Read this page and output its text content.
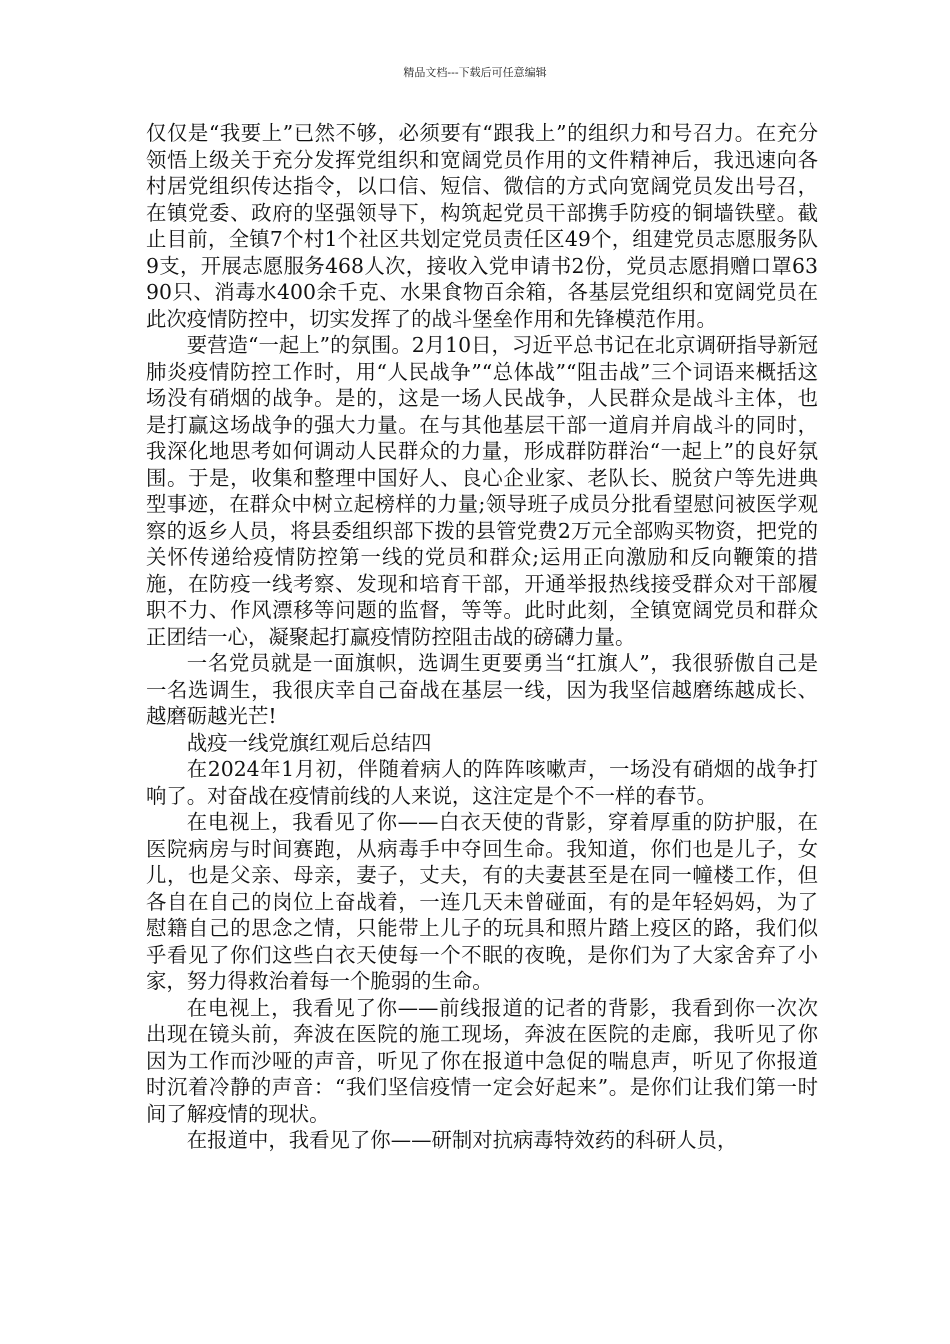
精品文档---下载后可任意编辑

仅仅是“我要上”已然不够，必须要有“跟我上”的组织力和号召力。在充分领悟上级关于充分发挥党组织和宽阔党员作用的文件精神后，我迅速向各村居党组织传达指令，以口信、短信、微信的方式向宽阔党员发出号召，在镇党委、政府的坚强领导下，构筑起党员干部携手防疫的铜墙铁壁。截止目前，全镇7个村1个社区共划定党员责任区49个，组建党员志愿服务队9支，开展志愿服务468人次，接收入党申请书2份，党员志愿捐赠口罩6390只、消毒水400余千克、水果食物百余箱，各基层党组织和宽阔党员在此次疫情防控中，切实发挥了的战斗堡垒作用和先锋模范作用。

要营造“一起上”的氛围。2月10日，习近平总书记在北京调研指导新冠肺炎疫情防控工作时，用“人民战争”“总体战”“阻击战”三个词语来概括这场没有硝烟的战争。是的，这是一场人民战争，人民群众是战斗主体，也是打赢这场战争的强大力量。在与其他基层干部一道肩并肩战斗的同时，我深化地思考如何调动人民群众的力量，形成群防群治“一起上”的良好氛围。于是，收集和整理中国好人、良心企业家、老队长、脱贫户等先进典型事迹，在群众中树立起榜样的力量;领导班子成员分批看望慰问被医学观察的返乡人员，将县委组织部下拨的县管党费2万元全部购买物资，把党的关怀传递给疫情防控第一线的党员和群众;运用正向激励和反向鞭策的措施，在防疫一线考察、发现和培育干部，开通举报热线接受群众对干部履职不力、作风漂移等问题的监督，等等。此时此刻，全镇宽阔党员和群众正团结一心，凝聚起打赢疫情防控阻击战的磅礴力量。

一名党员就是一面旗帜，选调生更要勇当“扛旗人”，我很骄傲自己是一名选调生，我很庆幸自己奋战在基层一线，因为我坚信越磨练越成长、越磨砺越光芒!

战疫一线党旗红观后总结四

在2024年1月初，伴随着病人的阵阵咳嗽声，一场没有硝烟的战争打响了。对奋战在疫情前线的人来说，这注定是个不一样的春节。

在电视上，我看见了你——白衣天使的背影，穿着厚重的防护服，在医院病房与时间赛跑，从病毒手中夺回生命。我知道，你们也是儿子，女儿，也是父亲、母亲，妻子，丈夫，有的夫妻甚至是在同一幢楼工作，但各自在自己的岗位上奋战着，一连几天未曾碰面，有的是年轻妈妈，为了慰籍自己的思念之情，只能带上儿子的玩具和照片踏上疫区的路，我们似乎看见了你们这些白衣天使每一个不眠的夜晚，是你们为了大家舍弃了小家，努力得救治着每一个脆弱的生命。

在电视上，我看见了你——前线报道的记者的背影，我看到你一次次出现在镜头前，奔波在医院的施工现场，奔波在医院的走廊，我听见了你因为工作而沙哑的声音，听见了你在报道中急促的喘息声，听见了你报道时沉着冷静的声音：“我们坚信疫情一定会好起来”。是你们让我们第一时间了解疫情的现状。

在报道中，我看见了你——研制对抗病毒特效药的科研人员，
